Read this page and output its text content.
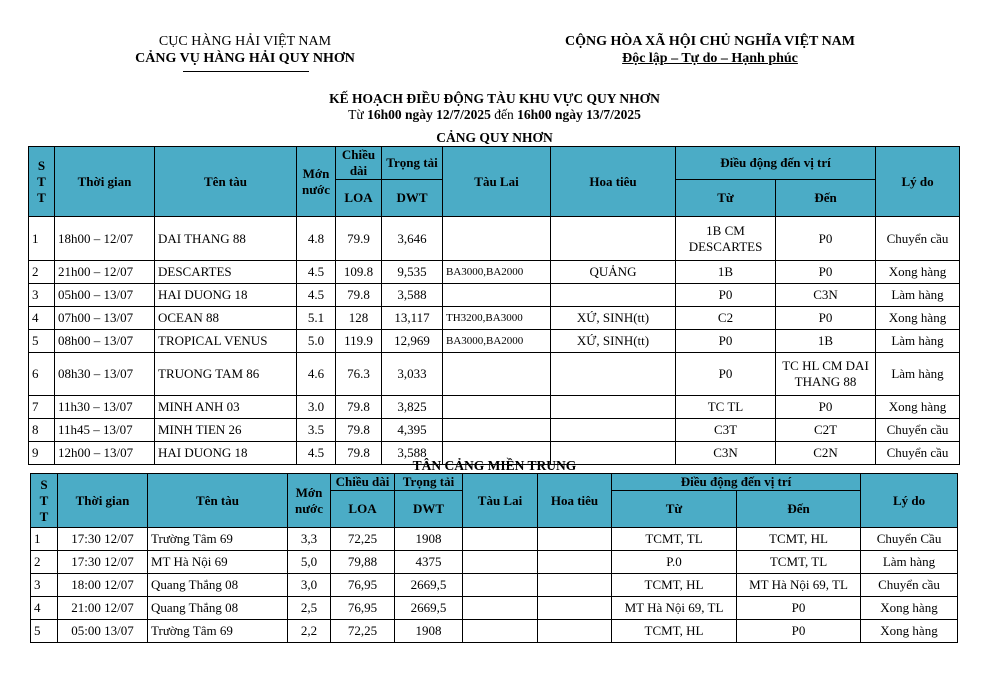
CỤC HÀNG HẢI VIỆT NAM
CẢNG VỤ HÀNG HẢI QUY NHƠN
CỘNG HÒA XÃ HỘI CHỦ NGHĨA VIỆT NAM
Độc lập – Tự do – Hạnh phúc
KẾ HOẠCH ĐIỀU ĐỘNG TÀU KHU VỰC QUY NHƠN
Từ 16h00 ngày 12/7/2025 đến 16h00 ngày 13/7/2025
CẢNG QUY NHƠN
S T T	Thời gian	Tên tàu	Mớn nước	Chiều dài	Trọng tải	Tàu Lai	Hoa tiêu	Điều động đến vị trí		Lý do
				LOA	DWT			Từ	Đến	
1	18h00 – 12/07	DAI THANG 88	4.8	79.9	3,646			1B CM DESCARTES	P0	Chuyển cầu
2	21h00 – 12/07	DESCARTES	4.5	109.8	9,535	BA3000,BA2000	QUẢNG	1B	P0	Xong hàng
3	05h00 – 13/07	HAI DUONG 18	4.5	79.8	3,588			P0	C3N	Làm hàng
4	07h00 – 13/07	OCEAN 88	5.1	128	13,117	TH3200,BA3000	XỨ, SINH(tt)	C2	P0	Xong hàng
5	08h00 – 13/07	TROPICAL VENUS	5.0	119.9	12,969	BA3000,BA2000	XỨ, SINH(tt)	P0	1B	Làm hàng
6	08h30 – 13/07	TRUONG TAM 86	4.6	76.3	3,033			P0	TC HL CM DAI THANG 88	Làm hàng
7	11h30 – 13/07	MINH ANH 03	3.0	79.8	3,825			TC TL	P0	Xong hàng
8	11h45 – 13/07	MINH TIEN 26	3.5	79.8	4,395			C3T	C2T	Chuyển cầu
9	12h00 – 13/07	HAI DUONG 18	4.5	79.8	3,588			C3N	C2N	Chuyển cầu
TÂN CẢNG MIỀN TRUNG
S T T	Thời gian	Tên tàu	Mớn nước	Chiều dài	Trọng tải	Tàu Lai	Hoa tiêu	Điều động đến vị trí		Lý do
				LOA	DWT			Từ	Đến	
1	17:30 12/07	Trường Tâm 69	3,3	72,25	1908			TCMT, TL	TCMT, HL	Chuyển Cầu
2	17:30 12/07	MT Hà Nội 69	5,0	79,88	4375			P.0	TCMT, TL	Làm hàng
3	18:00 12/07	Quang Thắng 08	3,0	76,95	2669,5			TCMT, HL	MT Hà Nội 69, TL	Chuyển cầu
4	21:00 12/07	Quang Thắng 08	2,5	76,95	2669,5			MT Hà Nội 69, TL	P0	Xong hàng
5	05:00 13/07	Trường Tâm 69	2,2	72,25	1908			TCMT, HL	P0	Xong hàng
